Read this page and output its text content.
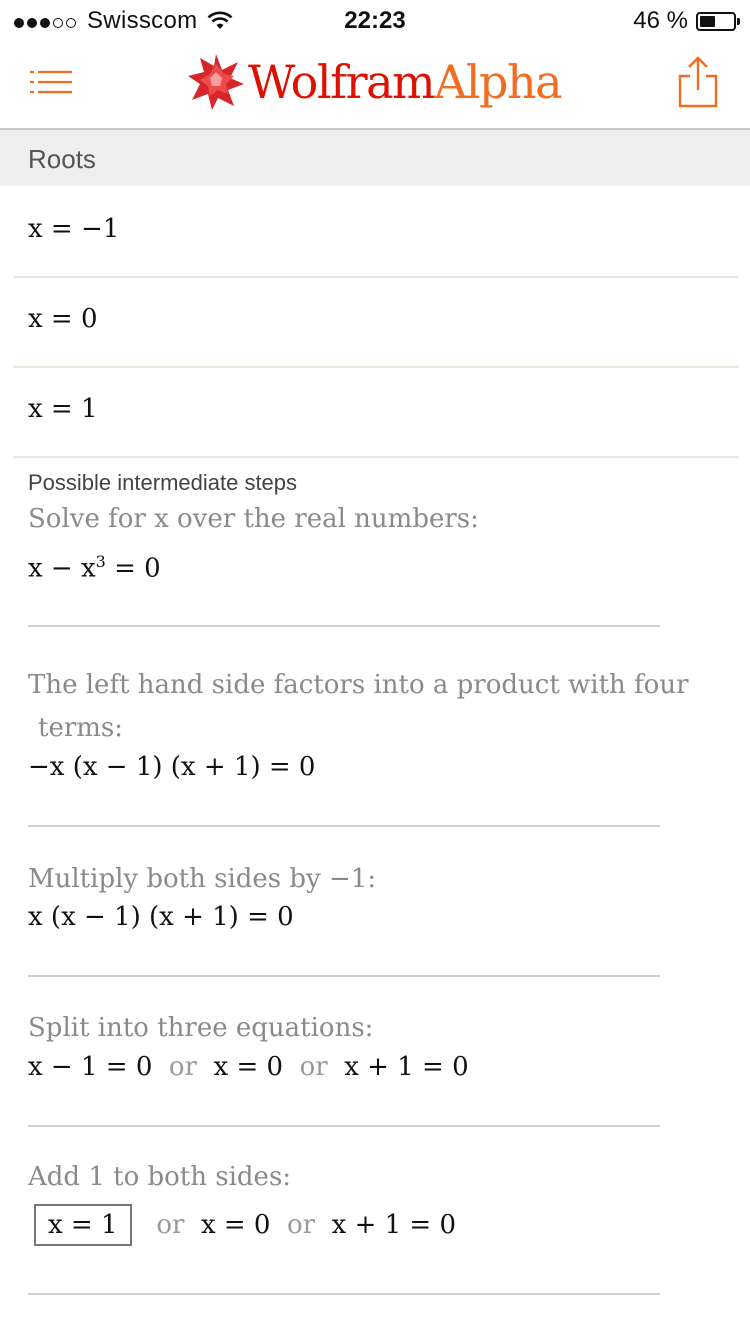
Swisscom	22:23	46 %
WolframAlpha
Roots
x = −1
x = 0
x = 1
Possible intermediate steps
Solve for x over the real numbers:
$x - x^3 = 0$
The left hand side factors into a product with four
terms:
−x (x − 1) (x + 1) = 0
Multiply both sides by −1:
x (x − 1) (x + 1) = 0
Split into three equations:
x − 1 = 0 or x = 0 or x + 1 = 0
Add 1 to both sides:
x = 1 or x = 0 or x + 1 = 0
